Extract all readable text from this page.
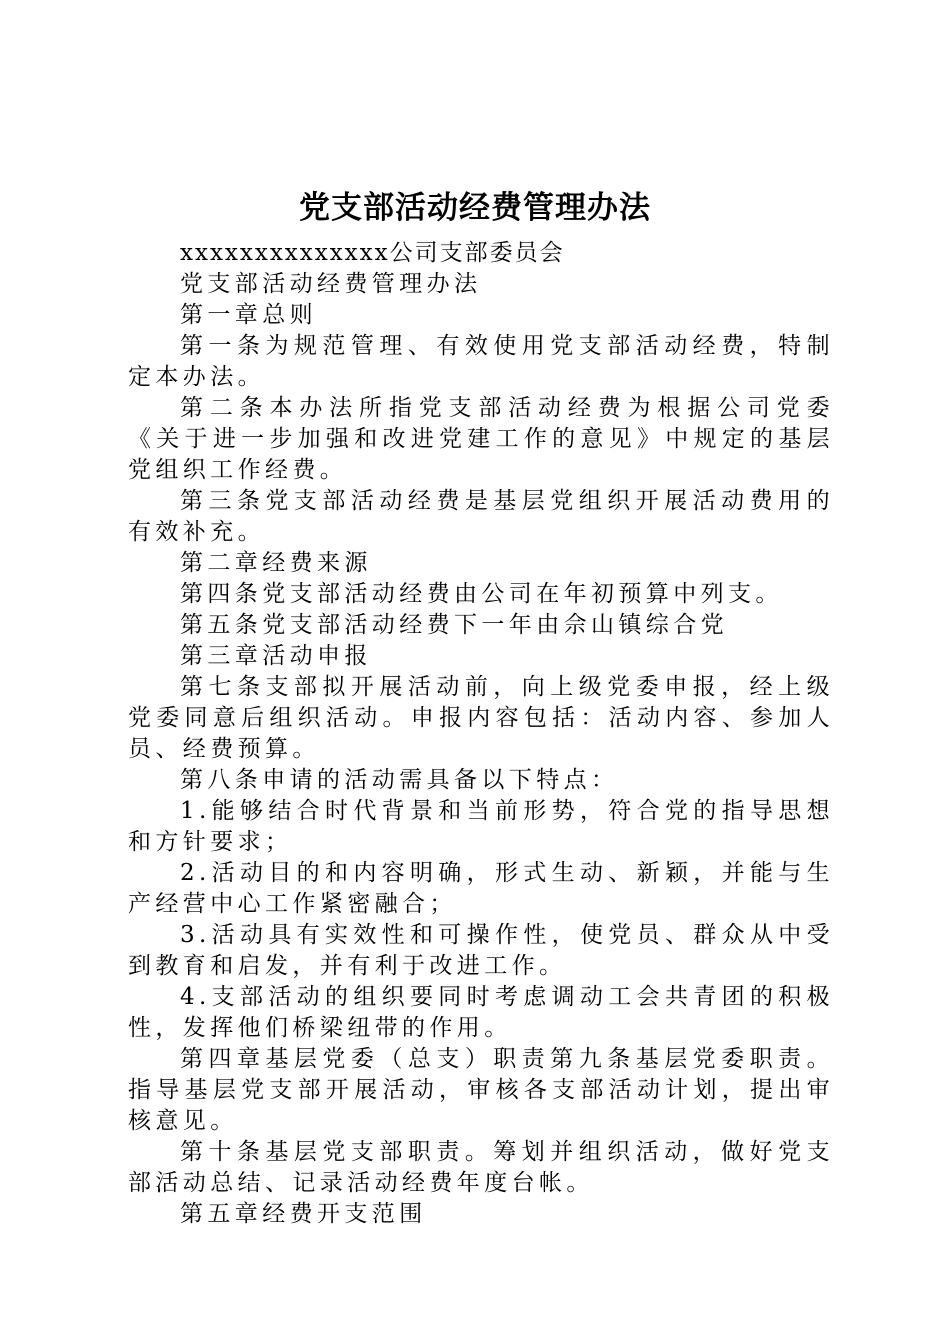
党支部活动经费管理办法

xxxxxxxxxxxxxx公司支部委员会

党支部活动经费管理办法

第一章总则

第一条为规范管理、有效使用党支部活动经费，特制定本办法。

第二条本办法所指党支部活动经费为根据公司党委《关于进一步加强和改进党建工作的意见》中规定的基层党组织工作经费。

第三条党支部活动经费是基层党组织开展活动费用的有效补充。

第二章经费来源

第四条党支部活动经费由公司在年初预算中列支。

第五条党支部活动经费下一年由佘山镇综合党

第三章活动申报

第七条支部拟开展活动前，向上级党委申报，经上级党委同意后组织活动。申报内容包括：活动内容、参加人员、经费预算。

第八条申请的活动需具备以下特点：

1.能够结合时代背景和当前形势，符合党的指导思想和方针要求；

2.活动目的和内容明确，形式生动、新颖，并能与生产经营中心工作紧密融合；

3.活动具有实效性和可操作性，使党员、群众从中受到教育和启发，并有利于改进工作。

4.支部活动的组织要同时考虑调动工会共青团的积极性，发挥他们桥梁纽带的作用。

第四章基层党委（总支）职责第九条基层党委职责。指导基层党支部开展活动，审核各支部活动计划，提出审核意见。

第十条基层党支部职责。筹划并组织活动，做好党支部活动总结、记录活动经费年度台帐。

第五章经费开支范围
